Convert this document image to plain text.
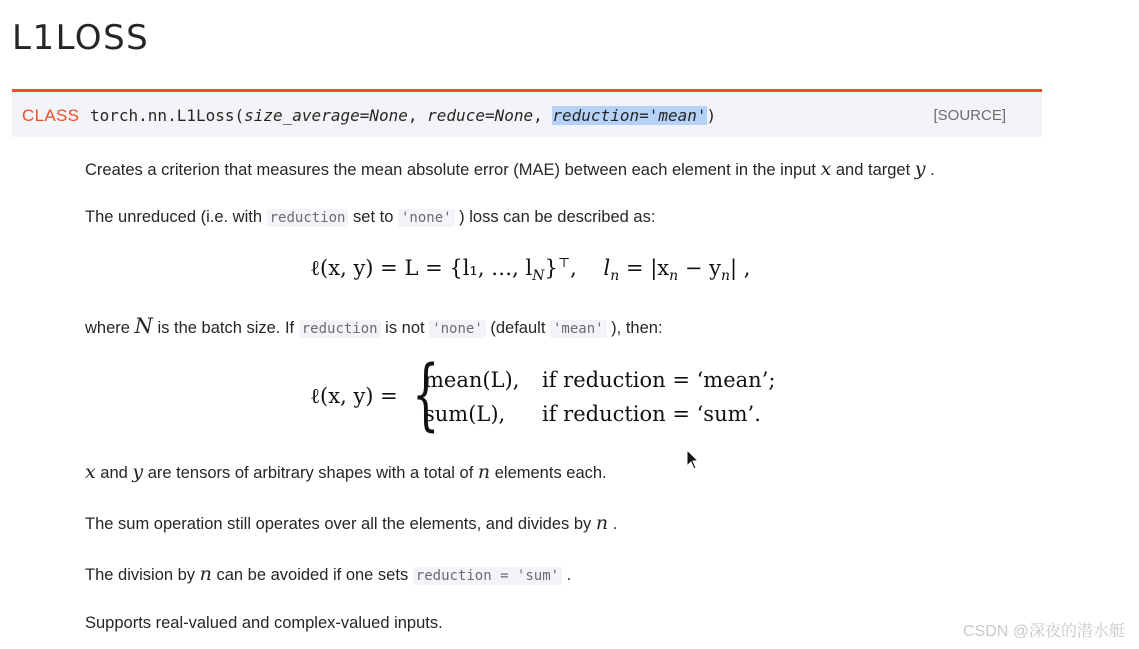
L1LOSS
CLASS torch.nn.L1Loss(size_average=None, reduce=None, reduction='mean')	[SOURCE]
Creates a criterion that measures the mean absolute error (MAE) between each element in the input x and target y .
The unreduced (i.e. with reduction set to 'none' ) loss can be described as:
ℓ(x, y) = L = {l₁, …, $l_N\}^⊤$, $l_n = |x_n - y_n|$ ,
where N is the batch size. If reduction is not 'none' (default 'mean' ), then:
ℓ(x, y) = {
mean(L), if reduction = ‘mean’;
sum(L), if reduction = ‘sum’.
x and y are tensors of arbitrary shapes with a total of n elements each.
The sum operation still operates over all the elements, and divides by n .
The division by n can be avoided if one sets reduction = 'sum' .
Supports real-valued and complex-valued inputs.	CSDN @深夜的潜水艇
